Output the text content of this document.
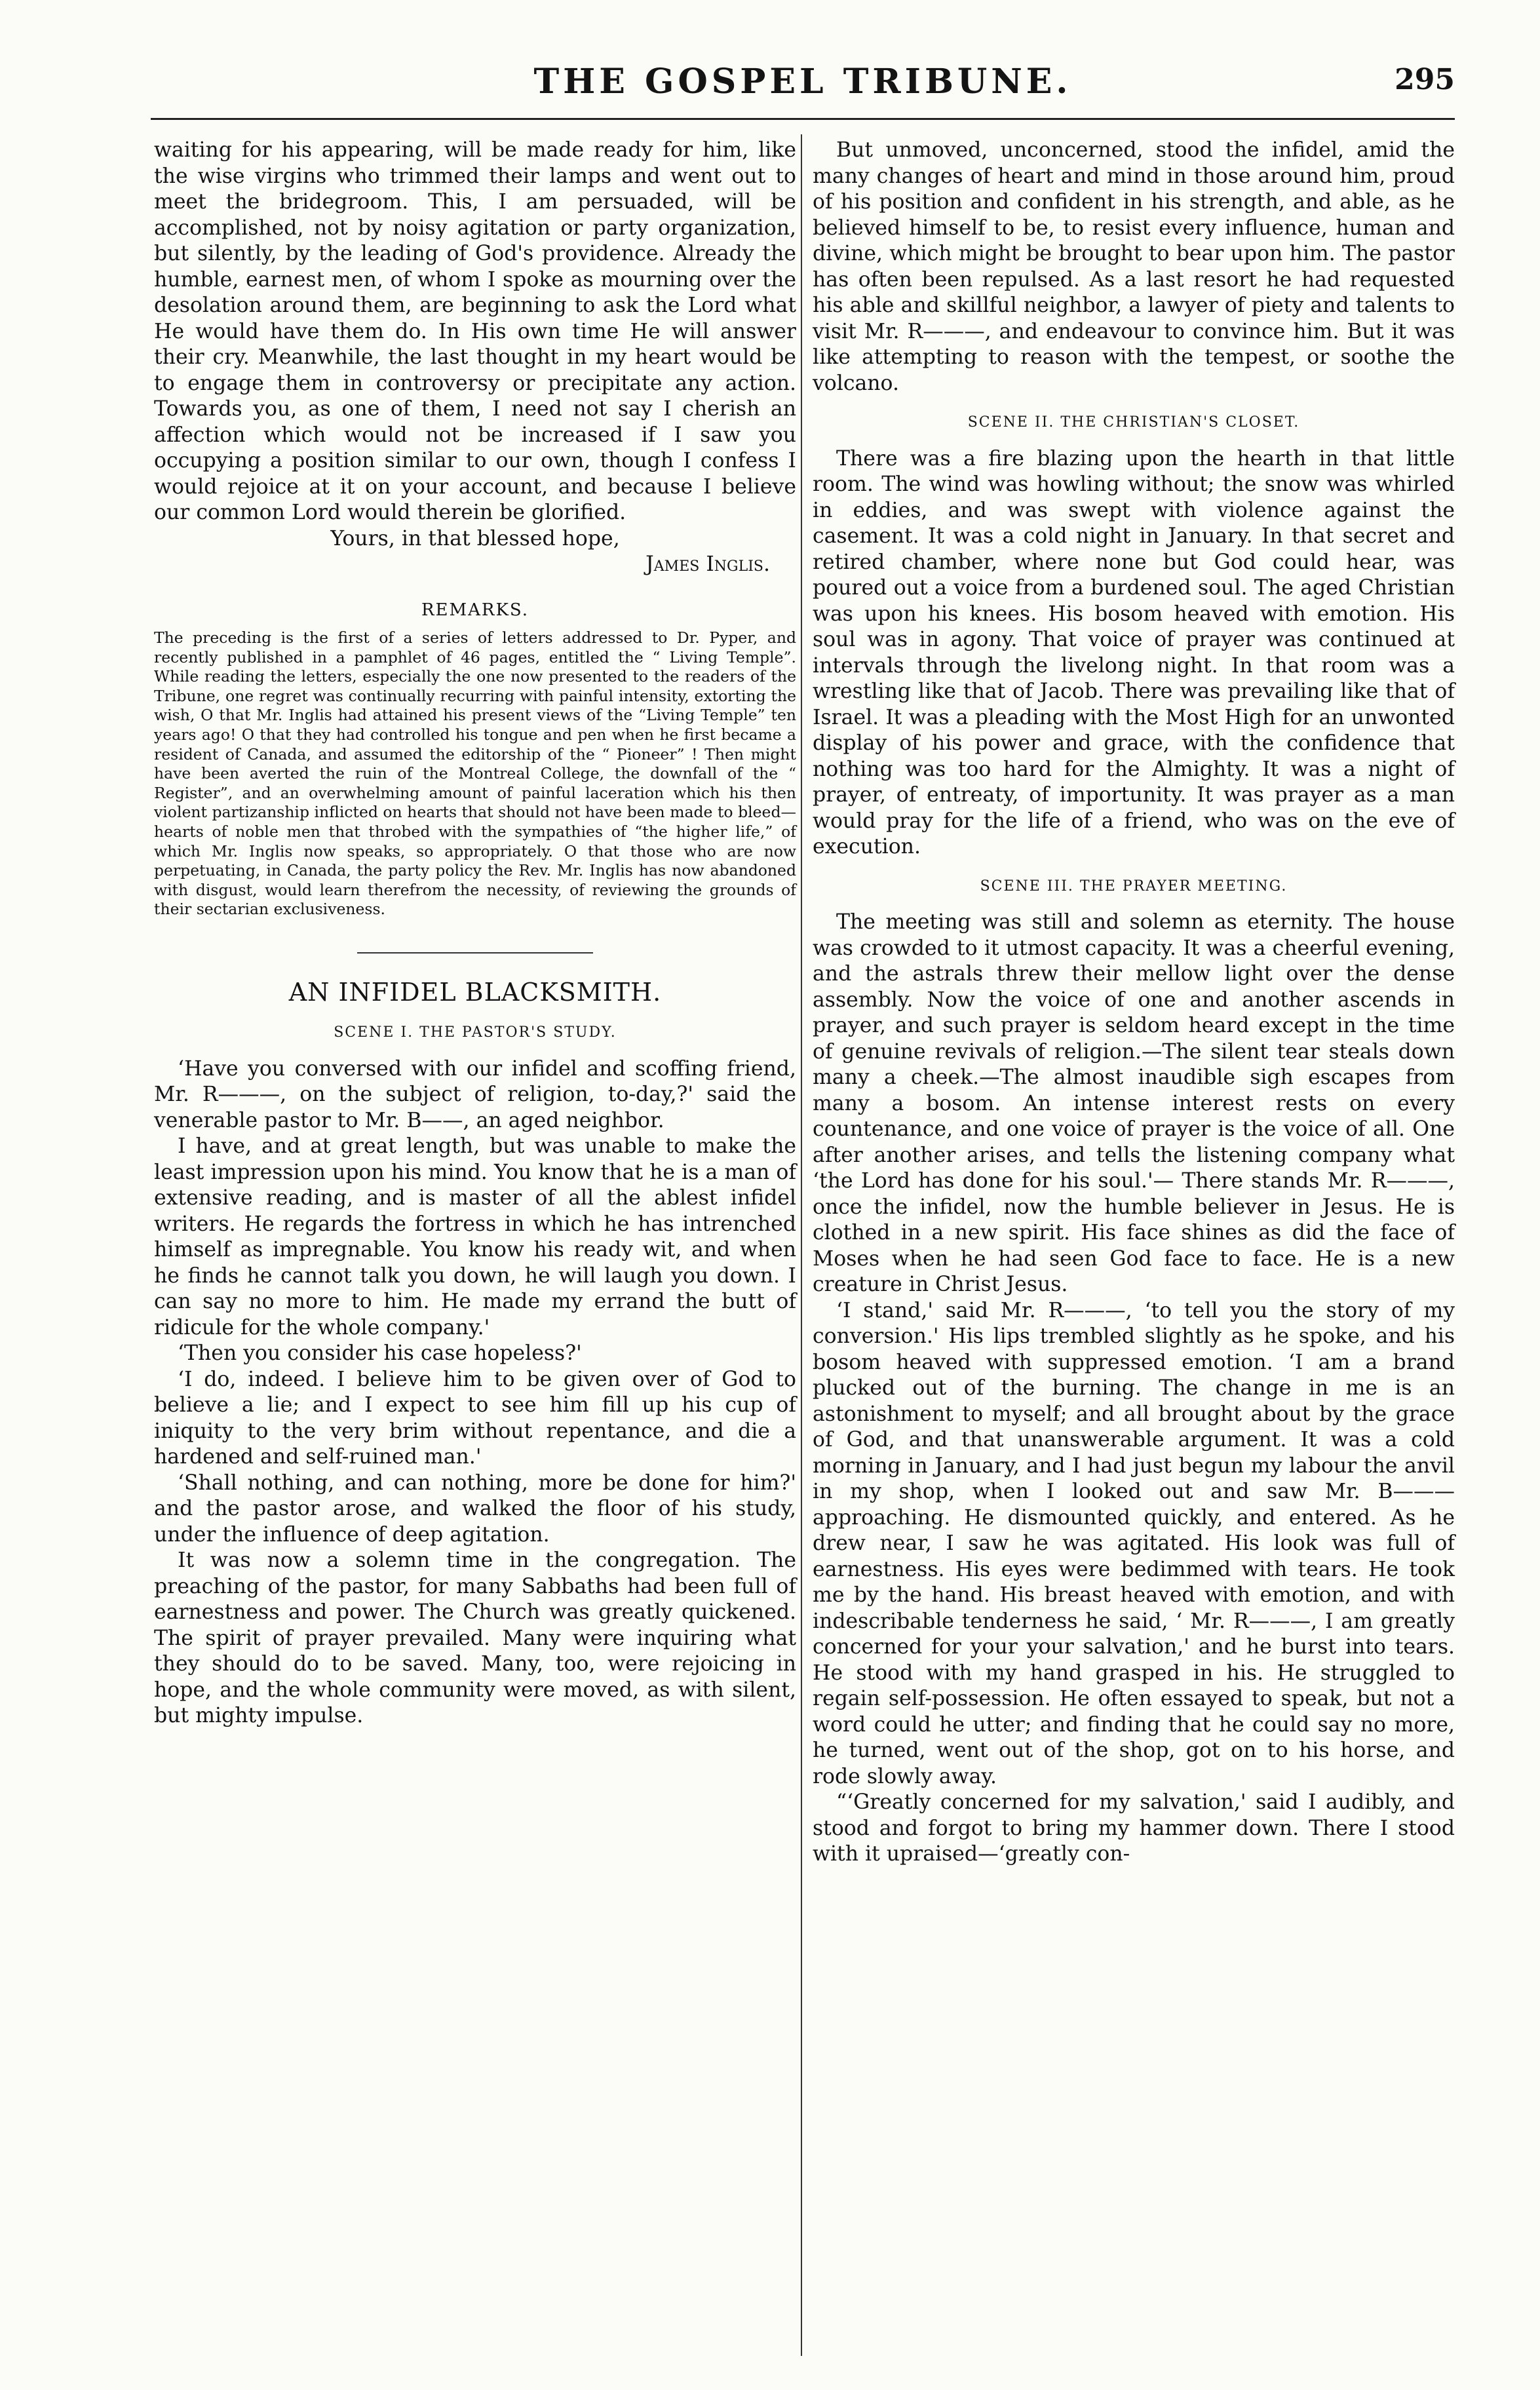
THE GOSPEL TRIBUNE.	295

waiting for his appearing, will be made ready for him, like the wise virgins who trimmed their lamps and went out to meet the bridegroom. This, I am persuaded, will be accomplished, not by noisy agitation or party organization, but silently, by the leading of God's providence. Already the humble, earnest men, of whom I spoke as mourning over the desolation around them, are beginning to ask the Lord what He would have them do. In His own time He will answer their cry. Meanwhile, the last thought in my heart would be to engage them in controversy or precipitate any action. Towards you, as one of them, I need not say I cherish an affection which would not be increased if I saw you occupying a position similar to our own, though I confess I would rejoice at it on your account, and because I believe our common Lord would therein be glorified.

Yours, in that blessed hope,

James Inglis.

REMARKS.

The preceding is the first of a series of letters addressed to Dr. Pyper, and recently published in a pamphlet of 46 pages, entitled the “ Living Temple”. While reading the letters, especially the one now presented to the readers of the Tribune, one regret was continually recurring with painful intensity, extorting the wish, O that Mr. Inglis had attained his present views of the “Living Temple” ten years ago! O that they had controlled his tongue and pen when he first became a resident of Canada, and assumed the editorship of the “ Pioneer” ! Then might have been averted the ruin of the Montreal College, the downfall of the “ Register”, and an overwhelming amount of painful laceration which his then violent partizanship inflicted on hearts that should not have been made to bleed—hearts of noble men that throbed with the sympathies of “the higher life,” of which Mr. Inglis now speaks, so appropriately. O that those who are now perpetuating, in Canada, the party policy the Rev. Mr. Inglis has now abandoned with disgust, would learn therefrom the necessity, of reviewing the grounds of their sectarian exclusiveness.

AN INFIDEL BLACKSMITH.
SCENE I. THE PASTOR'S STUDY.

‘Have you conversed with our infidel and scoffing friend, Mr. R———, on the subject of religion, to-day,?' said the venerable pastor to Mr. B——, an aged neighbor.

I have, and at great length, but was unable to make the least impression upon his mind. You know that he is a man of extensive reading, and is master of all the ablest infidel writers. He regards the fortress in which he has intrenched himself as impregnable. You know his ready wit, and when he finds he cannot talk you down, he will laugh you down. I can say no more to him. He made my errand the butt of ridicule for the whole company.'

‘Then you consider his case hopeless?'

‘I do, indeed. I believe him to be given over of God to believe a lie; and I expect to see him fill up his cup of iniquity to the very brim without repentance, and die a hardened and self-ruined man.'

‘Shall nothing, and can nothing, more be done for him?' and the pastor arose, and walked the floor of his study, under the influence of deep agitation.

It was now a solemn time in the congregation. The preaching of the pastor, for many Sabbaths had been full of earnestness and power. The Church was greatly quickened. The spirit of prayer prevailed. Many were inquiring what they should do to be saved. Many, too, were rejoicing in hope, and the whole community were moved, as with silent, but mighty impulse.

But unmoved, unconcerned, stood the infidel, amid the many changes of heart and mind in those around him, proud of his position and confident in his strength, and able, as he believed himself to be, to resist every influence, human and divine, which might be brought to bear upon him. The pastor has often been repulsed. As a last resort he had requested his able and skillful neighbor, a lawyer of piety and talents to visit Mr. R———, and endeavour to convince him. But it was like attempting to reason with the tempest, or soothe the volcano.

SCENE II. THE CHRISTIAN'S CLOSET.

There was a fire blazing upon the hearth in that little room. The wind was howling without; the snow was whirled in eddies, and was swept with violence against the casement. It was a cold night in January. In that secret and retired chamber, where none but God could hear, was poured out a voice from a burdened soul. The aged Christian was upon his knees. His bosom heaved with emotion. His soul was in agony. That voice of prayer was continued at intervals through the livelong night. In that room was a wrestling like that of Jacob. There was prevailing like that of Israel. It was a pleading with the Most High for an unwonted display of his power and grace, with the confidence that nothing was too hard for the Almighty. It was a night of prayer, of entreaty, of importunity. It was prayer as a man would pray for the life of a friend, who was on the eve of execution.

SCENE III. THE PRAYER MEETING.

The meeting was still and solemn as eternity. The house was crowded to it utmost capacity. It was a cheerful evening, and the astrals threw their mellow light over the dense assembly. Now the voice of one and another ascends in prayer, and such prayer is seldom heard except in the time of genuine revivals of religion.—The silent tear steals down many a cheek.—The almost inaudible sigh escapes from many a bosom. An intense interest rests on every countenance, and one voice of prayer is the voice of all. One after another arises, and tells the listening company what ‘the Lord has done for his soul.'— There stands Mr. R———, once the infidel, now the humble believer in Jesus. He is clothed in a new spirit. His face shines as did the face of Moses when he had seen God face to face. He is a new creature in Christ Jesus.

‘I stand,' said Mr. R———, ‘to tell you the story of my conversion.' His lips trembled slightly as he spoke, and his bosom heaved with suppressed emotion. ‘I am a brand plucked out of the burning. The change in me is an astonishment to myself; and all brought about by the grace of God, and that unanswerable argument. It was a cold morning in January, and I had just begun my labour the anvil in my shop, when I looked out and saw Mr. B——— approaching. He dismounted quickly, and entered. As he drew near, I saw he was agitated. His look was full of earnestness. His eyes were bedimmed with tears. He took me by the hand. His breast heaved with emotion, and with indescribable tenderness he said, ‘ Mr. R———, I am greatly concerned for your your salvation,' and he burst into tears. He stood with my hand grasped in his. He struggled to regain self-possession. He often essayed to speak, but not a word could he utter; and finding that he could say no more, he turned, went out of the shop, got on to his horse, and rode slowly away.

“‘Greatly concerned for my salvation,' said I audibly, and stood and forgot to bring my hammer down. There I stood with it upraised—‘greatly con-
